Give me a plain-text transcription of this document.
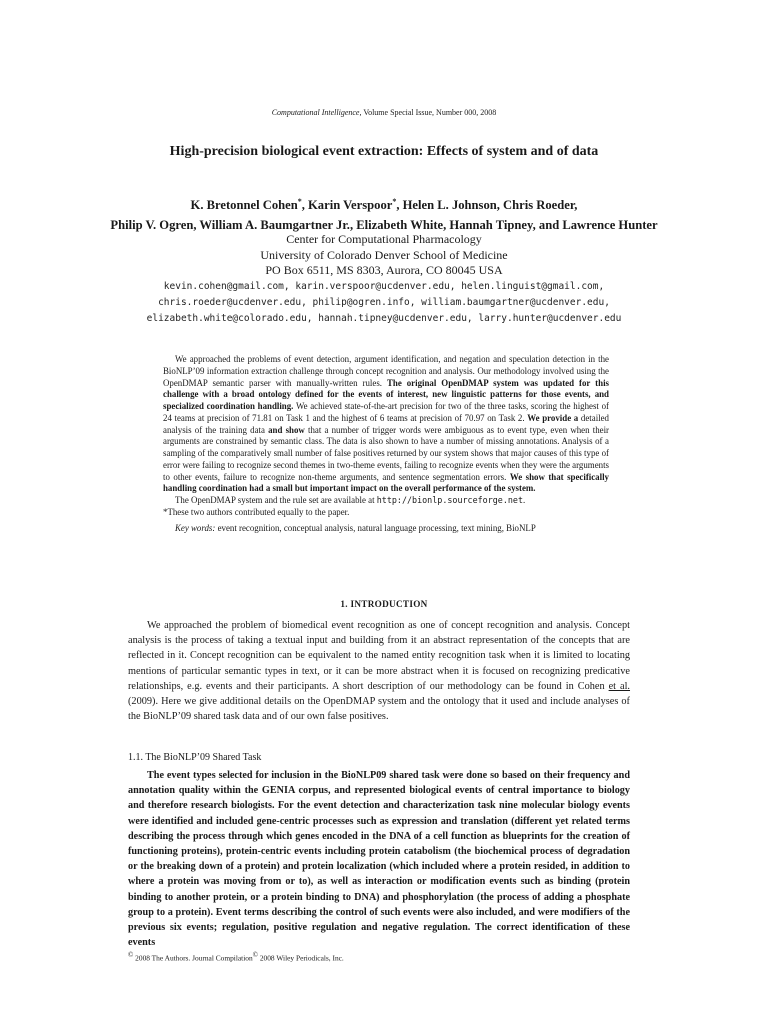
Computational Intelligence, Volume Special Issue, Number 000, 2008
High-precision biological event extraction: Effects of system and of data
K. Bretonnel Cohen*, Karin Verspoor*, Helen L. Johnson, Chris Roeder,
Philip V. Ogren, William A. Baumgartner Jr., Elizabeth White, Hannah Tipney, and Lawrence Hunter
Center for Computational Pharmacology
University of Colorado Denver School of Medicine
PO Box 6511, MS 8303, Aurora, CO 80045 USA
kevin.cohen@gmail.com, karin.verspoor@ucdenver.edu, helen.linguist@gmail.com,
chris.roeder@ucdenver.edu, philip@ogren.info, william.baumgartner@ucdenver.edu,
elizabeth.white@colorado.edu, hannah.tipney@ucdenver.edu, larry.hunter@ucdenver.edu

We approached the problems of event detection, argument identification, and negation and speculation detection in the BioNLP’09 information extraction challenge through concept recognition and analysis. Our methodology involved using the OpenDMAP semantic parser with manually-written rules. The original OpenDMAP system was updated for this challenge with a broad ontology defined for the events of interest, new linguistic patterns for those events, and specialized coordination handling. We achieved state-of-the-art precision for two of the three tasks, scoring the highest of 24 teams at precision of 71.81 on Task 1 and the highest of 6 teams at precision of 70.97 on Task 2. We provide a detailed analysis of the training data and show that a number of trigger words were ambiguous as to event type, even when their arguments are constrained by semantic class. The data is also shown to have a number of missing annotations. Analysis of a sampling of the comparatively small number of false positives returned by our system shows that major causes of this type of error were failing to recognize second themes in two-theme events, failing to recognize events when they were the arguments to other events, failure to recognize non-theme arguments, and sentence segmentation errors. We show that specifically handling coordination had a small but important impact on the overall performance of the system.

The OpenDMAP system and the rule set are available at http://bionlp.sourceforge.net.

*These two authors contributed equally to the paper.

Key words: event recognition, conceptual analysis, natural language processing, text mining, BioNLP

1. INTRODUCTION

We approached the problem of biomedical event recognition as one of concept recognition and analysis. Concept analysis is the process of taking a textual input and building from it an abstract representation of the concepts that are reflected in it. Concept recognition can be equivalent to the named entity recognition task when it is limited to locating mentions of particular semantic types in text, or it can be more abstract when it is focused on recognizing predicative relationships, e.g. events and their participants. A short description of our methodology can be found in Cohen et al. (2009). Here we give additional details on the OpenDMAP system and the ontology that it used and include analyses of the BioNLP’09 shared task data and of our own false positives.

1.1. The BioNLP’09 Shared Task

The event types selected for inclusion in the BioNLP09 shared task were done so based on their frequency and annotation quality within the GENIA corpus, and represented biological events of central importance to biology and therefore research biologists. For the event detection and characterization task nine molecular biology events were identified and included gene-centric processes such as expression and translation (different yet related terms describing the process through which genes encoded in the DNA of a cell function as blueprints for the creation of functioning proteins), protein-centric events including protein catabolism (the biochemical process of degradation or the breaking down of a protein) and protein localization (which included where a protein resided, in addition to where a protein was moving from or to), as well as interaction or modification events such as binding (protein binding to another protein, or a protein binding to DNA) and phosphorylation (the process of adding a phosphate group to a protein). Event terms describing the control of such events were also included, and were modifiers of the previous six events; regulation, positive regulation and negative regulation. The correct identification of these events

© 2008 The Authors. Journal Compilation© 2008 Wiley Periodicals, Inc.
